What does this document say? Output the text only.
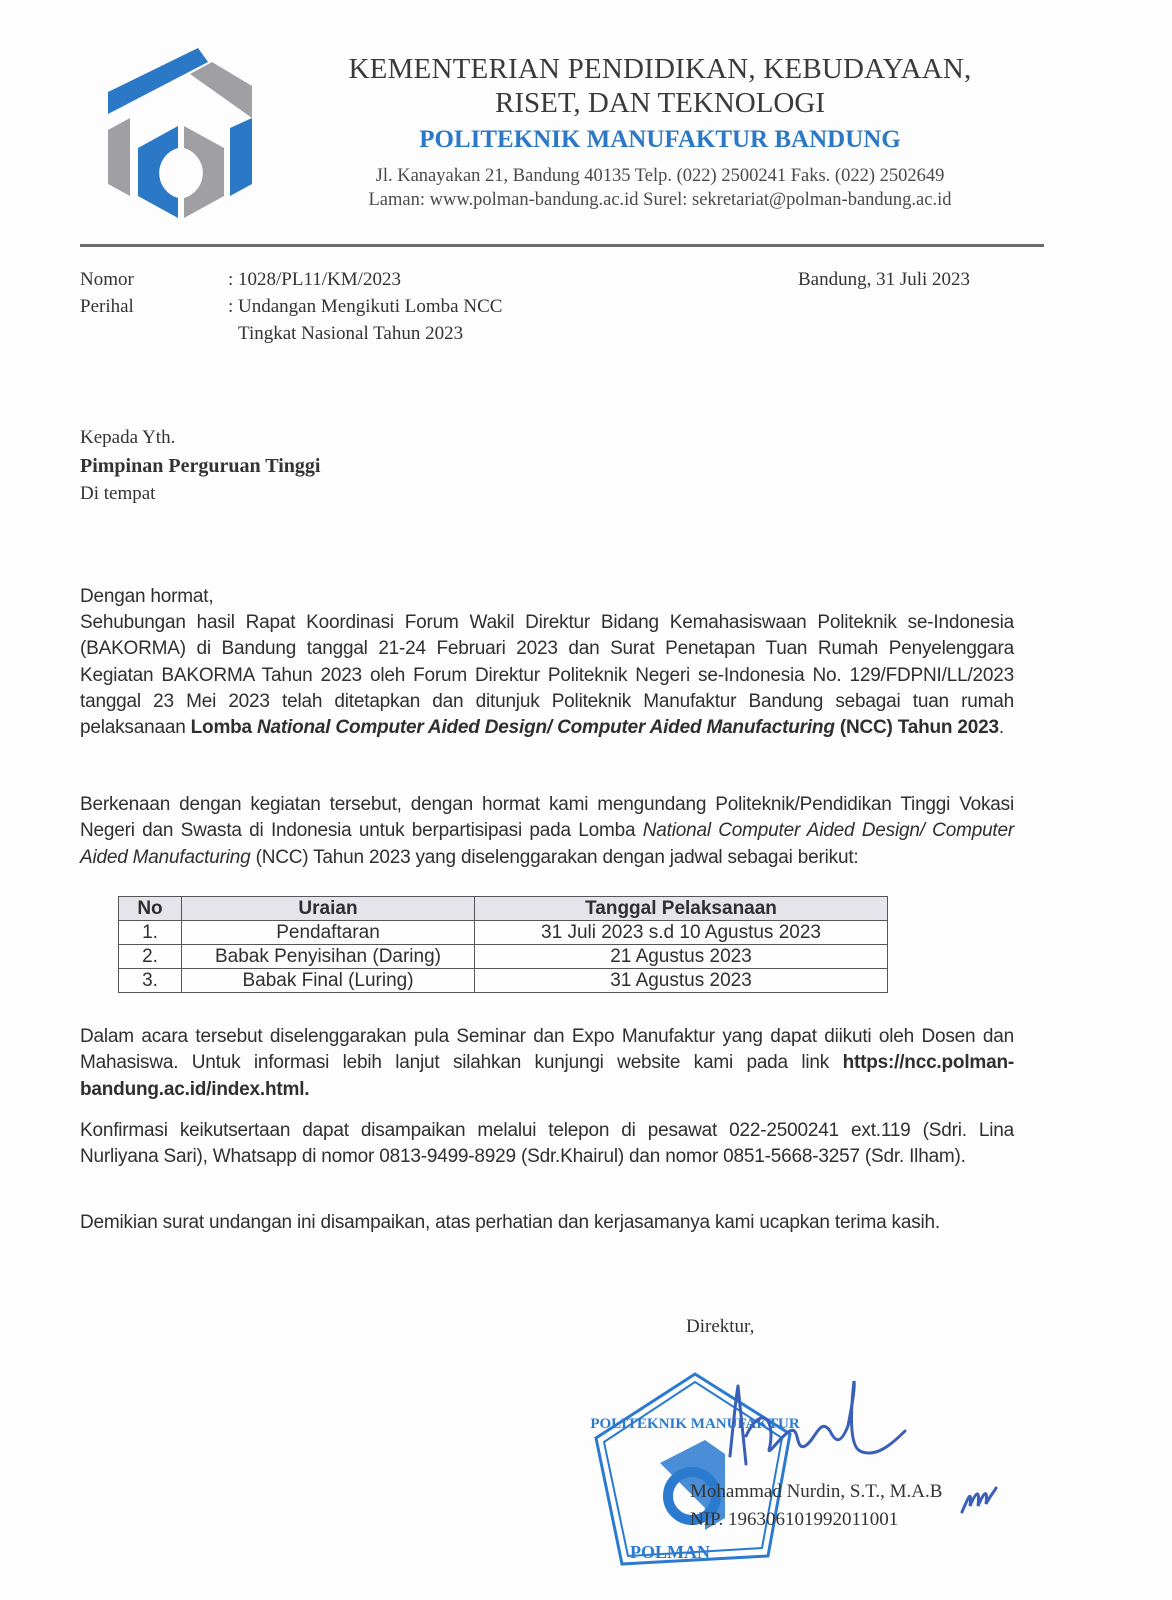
KEMENTERIAN PENDIDIKAN, KEBUDAYAAN,
RISET, DAN TEKNOLOGI
POLITEKNIK MANUFAKTUR BANDUNG
Jl. Kanayakan 21, Bandung 40135 Telp. (022) 2500241 Faks. (022) 2502649
Laman: www.polman-bandung.ac.id Surel: sekretariat@polman-bandung.ac.id
Nomor	: 1028/PL11/KM/2023
Perihal	: Undangan Mengikuti Lomba NCC
Tingkat Nasional Tahun 2023
Bandung, 31 Juli 2023
Kepada Yth.
Pimpinan Perguruan Tinggi
Di tempat
Dengan hormat,
Sehubungan hasil Rapat Koordinasi Forum Wakil Direktur Bidang Kemahasiswaan Politeknik se-Indonesia (BAKORMA) di Bandung tanggal 21-24 Februari 2023 dan Surat Penetapan Tuan Rumah Penyelenggara Kegiatan BAKORMA Tahun 2023 oleh Forum Direktur Politeknik Negeri se-Indonesia No. 129/FDPNI/LL/2023 tanggal 23 Mei 2023 telah ditetapkan dan ditunjuk Politeknik Manufaktur Bandung sebagai tuan rumah pelaksanaan Lomba National Computer Aided Design/ Computer Aided Manufacturing (NCC) Tahun 2023.
Berkenaan dengan kegiatan tersebut, dengan hormat kami mengundang Politeknik/Pendidikan Tinggi Vokasi Negeri dan Swasta di Indonesia untuk berpartisipasi pada Lomba National Computer Aided Design/ Computer Aided Manufacturing (NCC) Tahun 2023 yang diselenggarakan dengan jadwal sebagai berikut:
No	Uraian	Tanggal Pelaksanaan
1.	Pendaftaran	31 Juli 2023 s.d 10 Agustus 2023
2.	Babak Penyisihan (Daring)	21 Agustus 2023
3.	Babak Final (Luring)	31 Agustus 2023
Dalam acara tersebut diselenggarakan pula Seminar dan Expo Manufaktur yang dapat diikuti oleh Dosen dan Mahasiswa. Untuk informasi lebih lanjut silahkan kunjungi website kami pada link https://ncc.polman-bandung.ac.id/index.html.
Konfirmasi keikutsertaan dapat disampaikan melalui telepon di pesawat 022-2500241 ext.119 (Sdri. Lina Nurliyana Sari), Whatsapp di nomor 0813-9499-8929 (Sdr.Khairul) dan nomor 0851-5668-3257 (Sdr. Ilham).
Demikian surat undangan ini disampaikan, atas perhatian dan kerjasamanya kami ucapkan terima kasih.
Direktur,
POLITEKNIK MANUFAKTUR
POLMAN
Mohammad Nurdin, S.T., M.A.B
NIP. 196306101992011001
